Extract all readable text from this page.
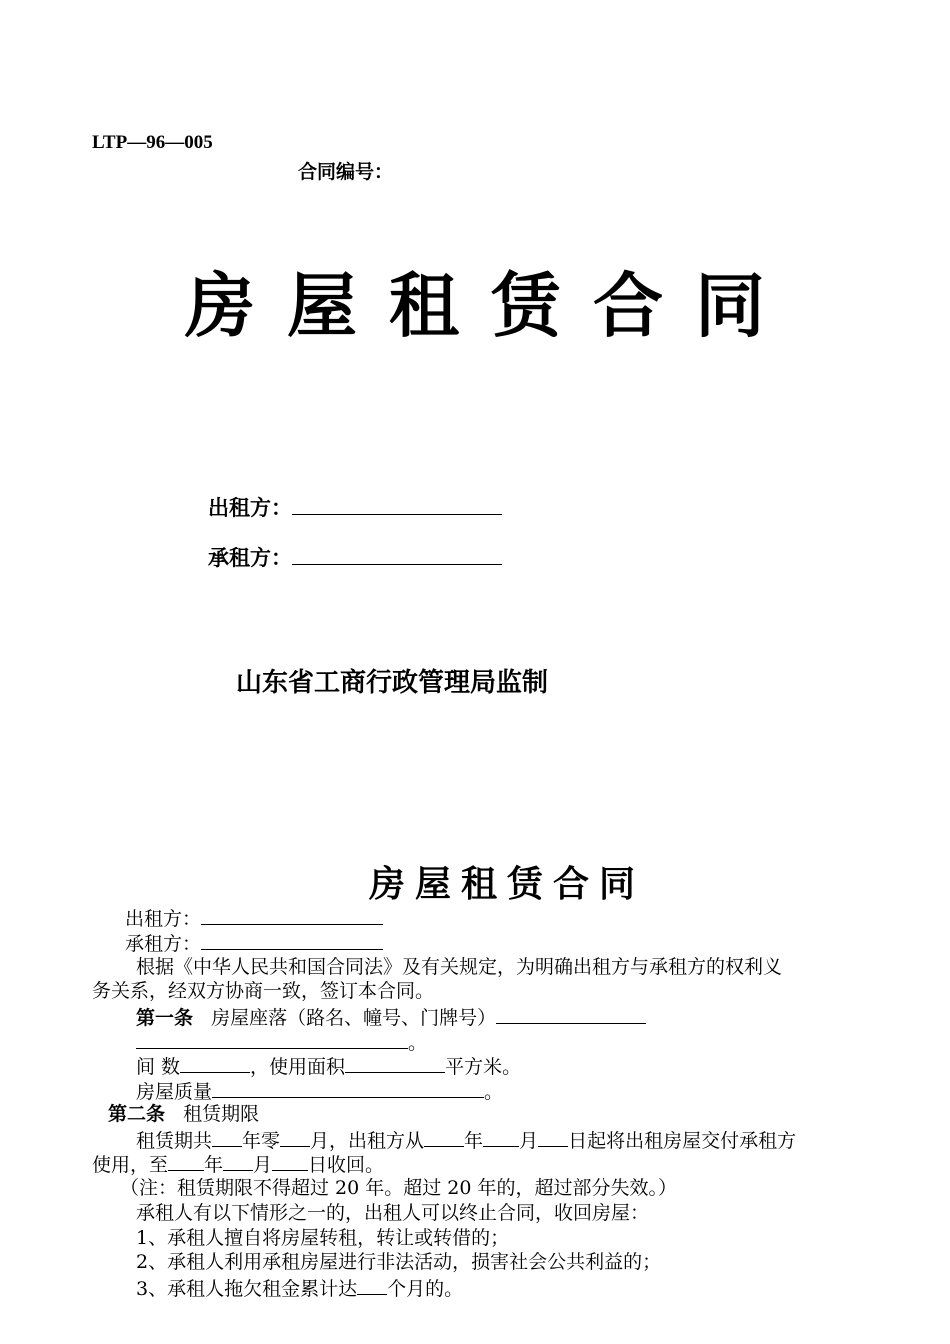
LTP—96—005
合同编号：
房屋租赁合同
出租方：
承租方：
山东省工商行政管理局监制
房屋租赁合同
出租方：
承租方：
根据《中华人民共和国合同法》及有关规定，为明确出租方与承租方的权利义
务关系，经双方协商一致，签订本合同。
第一条 房屋座落（路名、幢号、门牌号）
。
间 数	，使用面积	平方米。
房屋质量	。
第二条 租赁期限
租赁期共 年零 月，出租方从 年 月 日起将出租房屋交付承租方
使用，至 年 月 日收回。
（注：租赁期限不得超过 20 年。超过 20 年的，超过部分失效。）
承租人有以下情形之一的，出租人可以终止合同，收回房屋：
1、承租人擅自将房屋转租，转让或转借的；
2、承租人利用承租房屋进行非法活动，损害社会公共利益的；
3、承租人拖欠租金累计达 个月的。
